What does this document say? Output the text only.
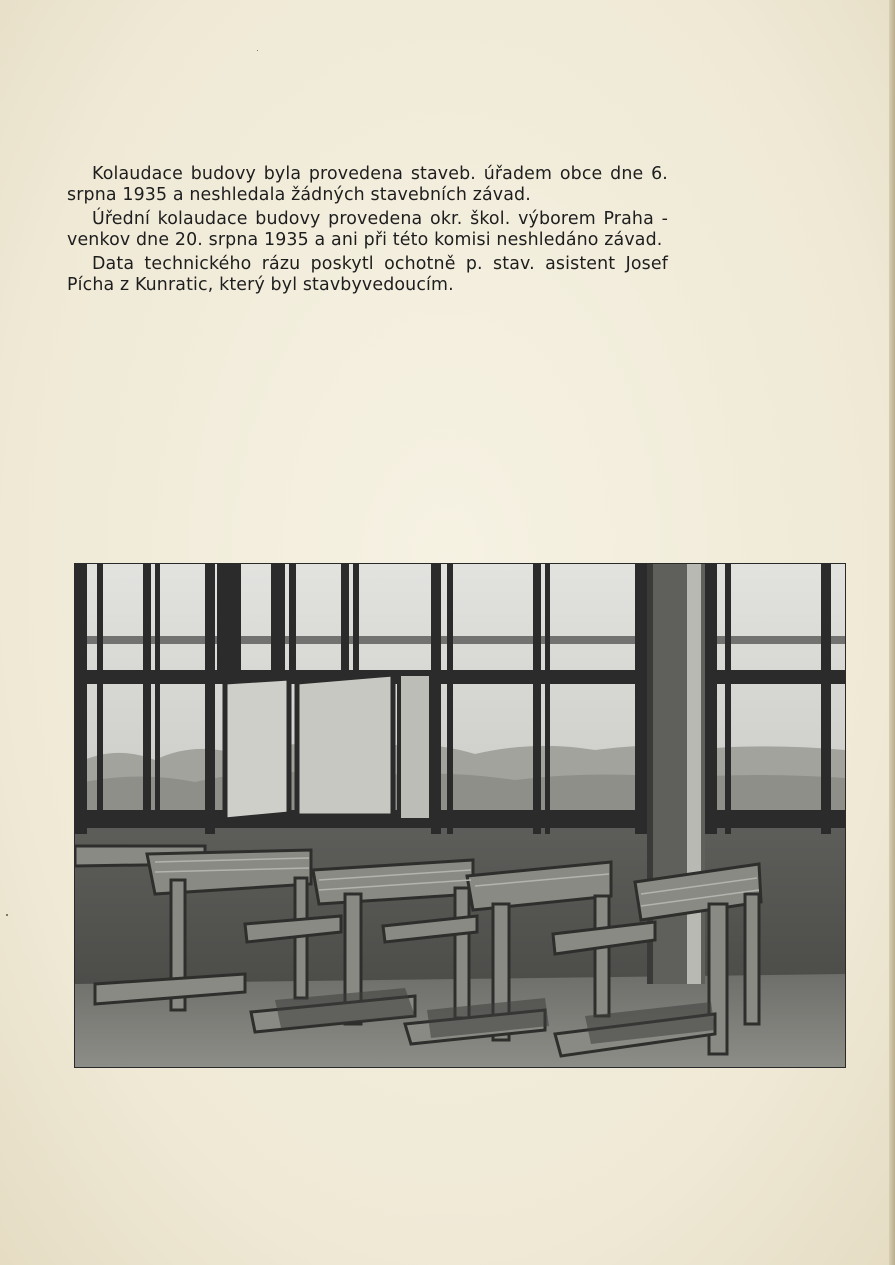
Kolaudace budovy byla provedena staveb. úřadem obce dne 6. srpna 1935 a neshledala žádných stavebních závad.

Úřední kolaudace budovy provedena okr. škol. výborem Praha - venkov dne 20. srpna 1935 a ani při této komisi neshledáno závad.

Data technického rázu poskytl ochotně p. stav. asistent Josef Pícha z Kunratic, který byl stavbyvedoucím.
